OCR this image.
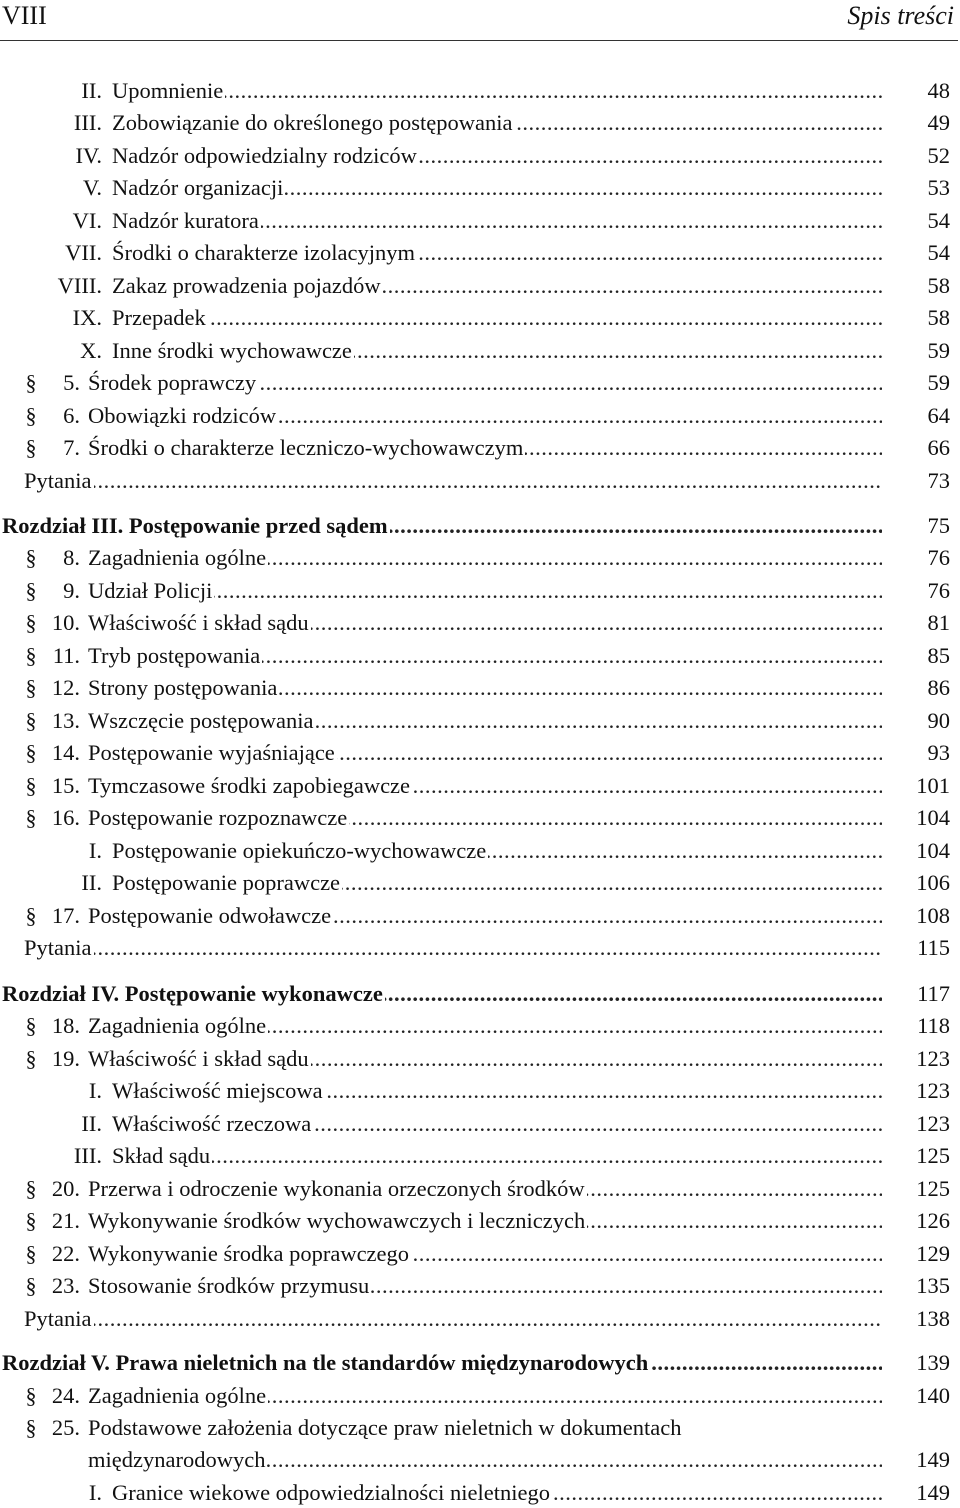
VIII	Spis treści
II. Upomnienie .....	48
III. Zobowiązanie do określonego postępowania .....	49
IV. Nadzór odpowiedzialny rodziców .....	52
V. Nadzór organizacji .....	53
VI. Nadzór kuratora .....	54
VII. Środki o charakterze izolacyjnym .....	54
VIII. Zakaz prowadzenia pojazdów .....	58
IX. Przepadek .....	58
X. Inne środki wychowawcze .....	59
§	5. Środek poprawczy .....	59
§	6. Obowiązki rodziców .....	64
§	7. Środki o charakterze leczniczo-wychowawczym .....	66
Pytania .....	73
Rozdział III. Postępowanie przed sądem .....	75
§	8. Zagadnienia ogólne .....	76
§	9. Udział Policji .....	76
§ 10. Właściwość i skład sądu .....	81
§ 11. Tryb postępowania .....	85
§ 12. Strony postępowania .....	86
§ 13. Wszczęcie postępowania .....	90
§ 14. Postępowanie wyjaśniające .....	93
§ 15. Tymczasowe środki zapobiegawcze .....	101
§ 16. Postępowanie rozpoznawcze .....	104
I. Postępowanie opiekuńczo-wychowawcze .....	104
II. Postępowanie poprawcze .....	106
§ 17. Postępowanie odwoławcze .....	108
Pytania .....	115
Rozdział IV. Postępowanie wykonawcze .....	117
§ 18. Zagadnienia ogólne .....	118
§ 19. Właściwość i skład sądu .....	123
I. Właściwość miejscowa .....	123
II. Właściwość rzeczowa .....	123
III. Skład sądu .....	125
§ 20. Przerwa i odroczenie wykonania orzeczonych środków .....	125
§ 21. Wykonywanie środków wychowawczych i leczniczych .....	126
§ 22. Wykonywanie środka poprawczego .....	129
§ 23. Stosowanie środków przymusu .....	135
Pytania .....	138
Rozdział V. Prawa nieletnich na tle standardów międzynarodowych .....	139
§ 24. Zagadnienia ogólne .....	140
§ 25. Podstawowe założenia dotyczące praw nieletnich w dokumentach
międzynarodowych .....	149
I. Granice wiekowe odpowiedzialności nieletniego .....	149
